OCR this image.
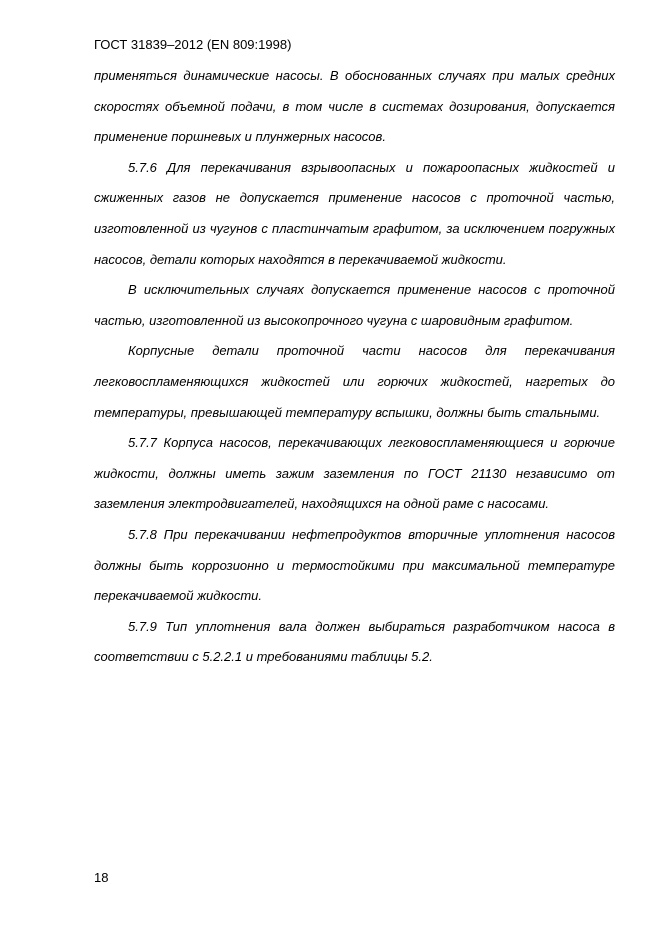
ГОСТ 31839–2012 (EN 809:1998)

применяться динамические насосы. В обоснованных случаях при малых средних скоростях объемной подачи, в том числе в системах дозирования, допускается применение поршневых и плунжерных насосов.

5.7.6 Для перекачивания взрывоопасных и пожароопасных жидкостей и сжиженных газов не допускается применение насосов с проточной частью, изготовленной из чугунов с пластинчатым графитом, за исключением погружных насосов, детали которых находятся в перекачиваемой жидкости.

В исключительных случаях допускается применение насосов с проточной частью, изготовленной из высокопрочного чугуна с шаровидным графитом.

Корпусные детали проточной части насосов для перекачивания легковоспламеняющихся жидкостей или горючих жидкостей, нагретых до температуры, превышающей температуру вспышки, должны быть стальными.

5.7.7 Корпуса насосов, перекачивающих легковоспламеняющиеся и горючие жидкости, должны иметь зажим заземления по ГОСТ 21130 независимо от заземления электродвигателей, находящихся на одной раме с насосами.

5.7.8 При перекачивании нефтепродуктов вторичные уплотнения насосов должны быть коррозионно и термостойкими при максимальной температуре перекачиваемой жидкости.

5.7.9 Тип уплотнения вала должен выбираться разработчиком насоса в соответствии с 5.2.2.1 и требованиями таблицы 5.2.

18
